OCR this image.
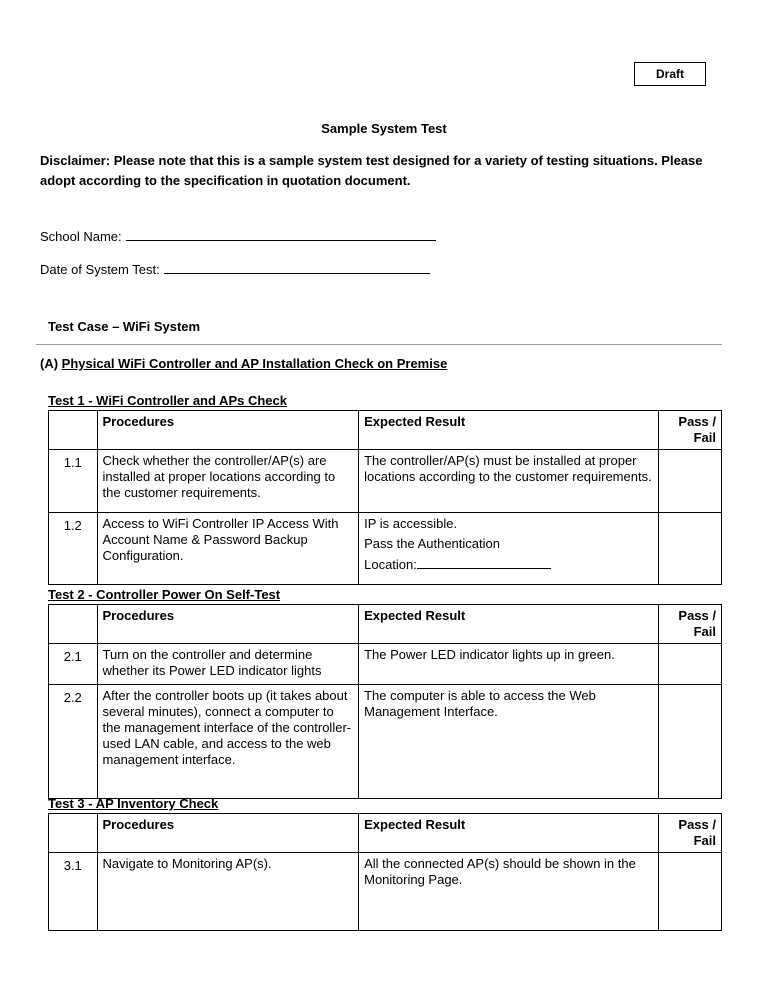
Draft
Sample System Test
Disclaimer: Please note that this is a sample system test designed for a variety of testing situations. Please adopt according to the specification in quotation document.
School Name:
Date of System Test:
Test Case – WiFi System
(A) Physical WiFi Controller and AP Installation Check on Premise
Test 1 - WiFi Controller and APs Check
	Procedures	Expected Result	Pass / Fail
1.1	Check whether the controller/AP(s) are installed at proper locations according to the customer requirements.	The controller/AP(s) must be installed at proper locations according to the customer requirements.	
1.2	Access to WiFi Controller IP Access With Account Name & Password Backup Configuration.	IP is accessible.
Pass the Authentication
Location:	

Test 2 - Controller Power On Self-Test
	Procedures	Expected Result	Pass / Fail
2.1	Turn on the controller and determine whether its Power LED indicator lights	The Power LED indicator lights up in green.	
2.2	After the controller boots up (it takes about several minutes), connect a computer to the management interface of the controller-used LAN cable, and access to the web management interface.	The computer is able to access the Web Management Interface.	
Test 3 - AP Inventory Check
	Procedures	Expected Result	Pass / Fail
3.1	Navigate to Monitoring AP(s).	All the connected AP(s) should be shown in the Monitoring Page.	
